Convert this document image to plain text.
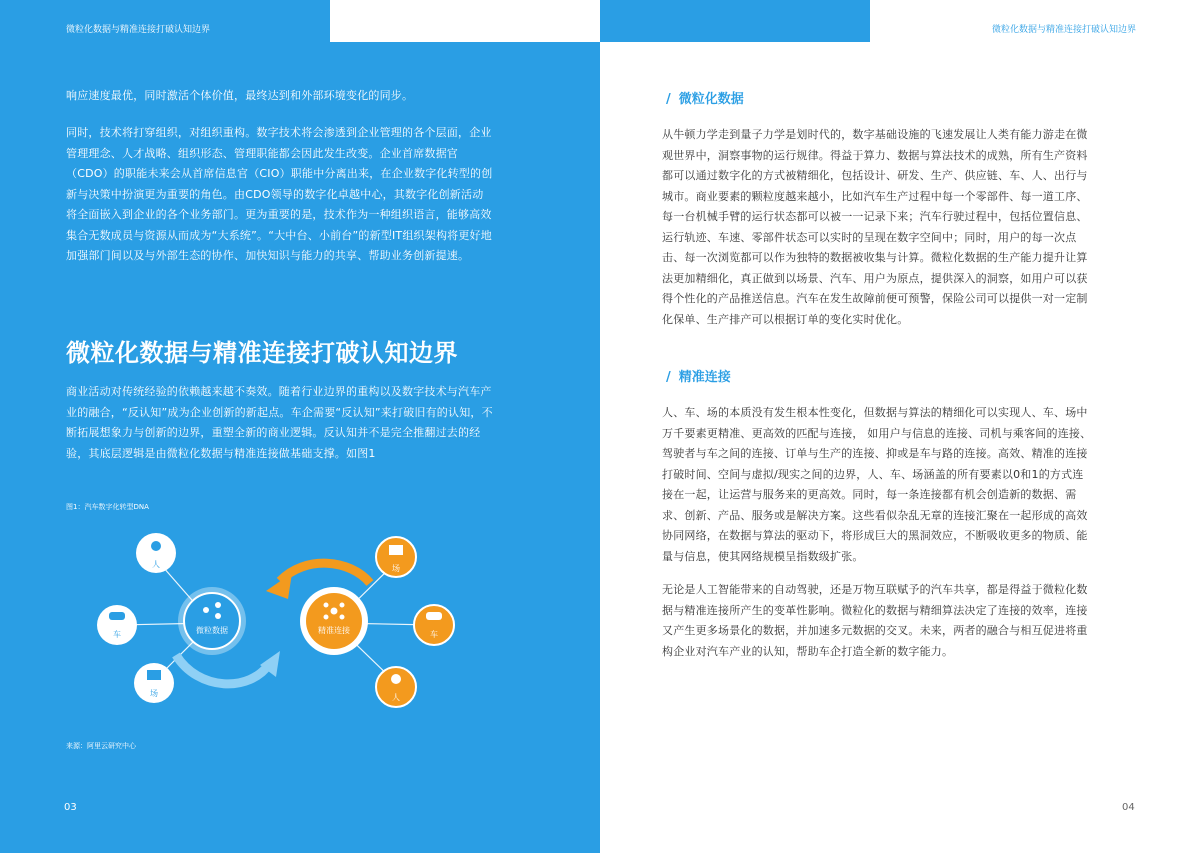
微粒化数据与精准连接打破认知边界

响应速度最优，同时激活个体价值，最终达到和外部环境变化的同步。

同时，技术将打穿组织，对组织重构。数字技术将会渗透到企业管理的各个层面，企业管理理念、人才战略、组织形态、管理职能都会因此发生改变。企业首席数据官（CDO）的职能未来会从首席信息官（CIO）职能中分离出来，在企业数字化转型的创新与决策中扮演更为重要的角色。由CDO领导的数字化卓越中心，其数字化创新活动将全面嵌入到企业的各个业务部门。更为重要的是，技术作为一种组织语言，能够高效集合无数成员与资源从而成为“大系统”。“大中台、小前台”的新型IT组织架构将更好地加强部门间以及与外部生态的协作、加快知识与能力的共享、帮助业务创新提速。

微粒化数据与精准连接打破认知边界

商业活动对传统经验的依赖越来越不奏效。随着行业边界的重构以及数字技术与汽车产业的融合，“反认知”成为企业创新的新起点。车企需要“反认知”来打破旧有的认知，不断拓展想象力与创新的边界，重塑全新的商业逻辑。反认知并不是完全推翻过去的经验，其底层逻辑是由微粒化数据与精准连接做基础支撑。如图1

图1：汽车数字化转型DNA
人
车
场
微粒数据	精准连接
场
车
人
来源：阿里云研究中心
03
微粒化数据与精准连接打破认知边界
/ 微粒化数据

从牛顿力学走到量子力学是划时代的，数字基础设施的飞速发展让人类有能力游走在微观世界中，洞察事物的运行规律。得益于算力、数据与算法技术的成熟，所有生产资料都可以通过数字化的方式被精细化，包括设计、研发、生产、供应链、车、人、出行与城市。商业要素的颗粒度越来越小，比如汽车生产过程中每一个零部件、每一道工序、每一台机械手臂的运行状态都可以被一一记录下来；汽车行驶过程中，包括位置信息、运行轨迹、车速、零部件状态可以实时的呈现在数字空间中；同时，用户的每一次点击、每一次浏览都可以作为独特的数据被收集与计算。微粒化数据的生产能力提升让算法更加精细化，真正做到以场景、汽车、用户为原点，提供深入的洞察，如用户可以获得个性化的产品推送信息。汽车在发生故障前便可预警，保险公司可以提供一对一定制化保单、生产排产可以根据订单的变化实时优化。

/ 精准连接

人、车、场的本质没有发生根本性变化，但数据与算法的精细化可以实现人、车、场中万千要素更精准、更高效的匹配与连接， 如用户与信息的连接、司机与乘客间的连接、驾驶者与车之间的连接、订单与生产的连接、抑或是车与路的连接。高效、精准的连接打破时间、空间与虚拟/现实之间的边界，人、车、场涵盖的所有要素以0和1的方式连接在一起，让运营与服务来的更高效。同时，每一条连接都有机会创造新的数据、需求、创新、产品、服务或是解决方案。这些看似杂乱无章的连接汇聚在一起形成的高效协同网络，在数据与算法的驱动下，将形成巨大的黑洞效应，不断吸收更多的物质、能量与信息，使其网络规模呈指数级扩张。

无论是人工智能带来的自动驾驶，还是万物互联赋予的汽车共享，都是得益于微粒化数据与精准连接所产生的变革性影响。微粒化的数据与精细算法决定了连接的效率，连接又产生更多场景化的数据，并加速多元数据的交叉。未来，两者的融合与相互促进将重构企业对汽车产业的认知，帮助车企打造全新的数字能力。

04
